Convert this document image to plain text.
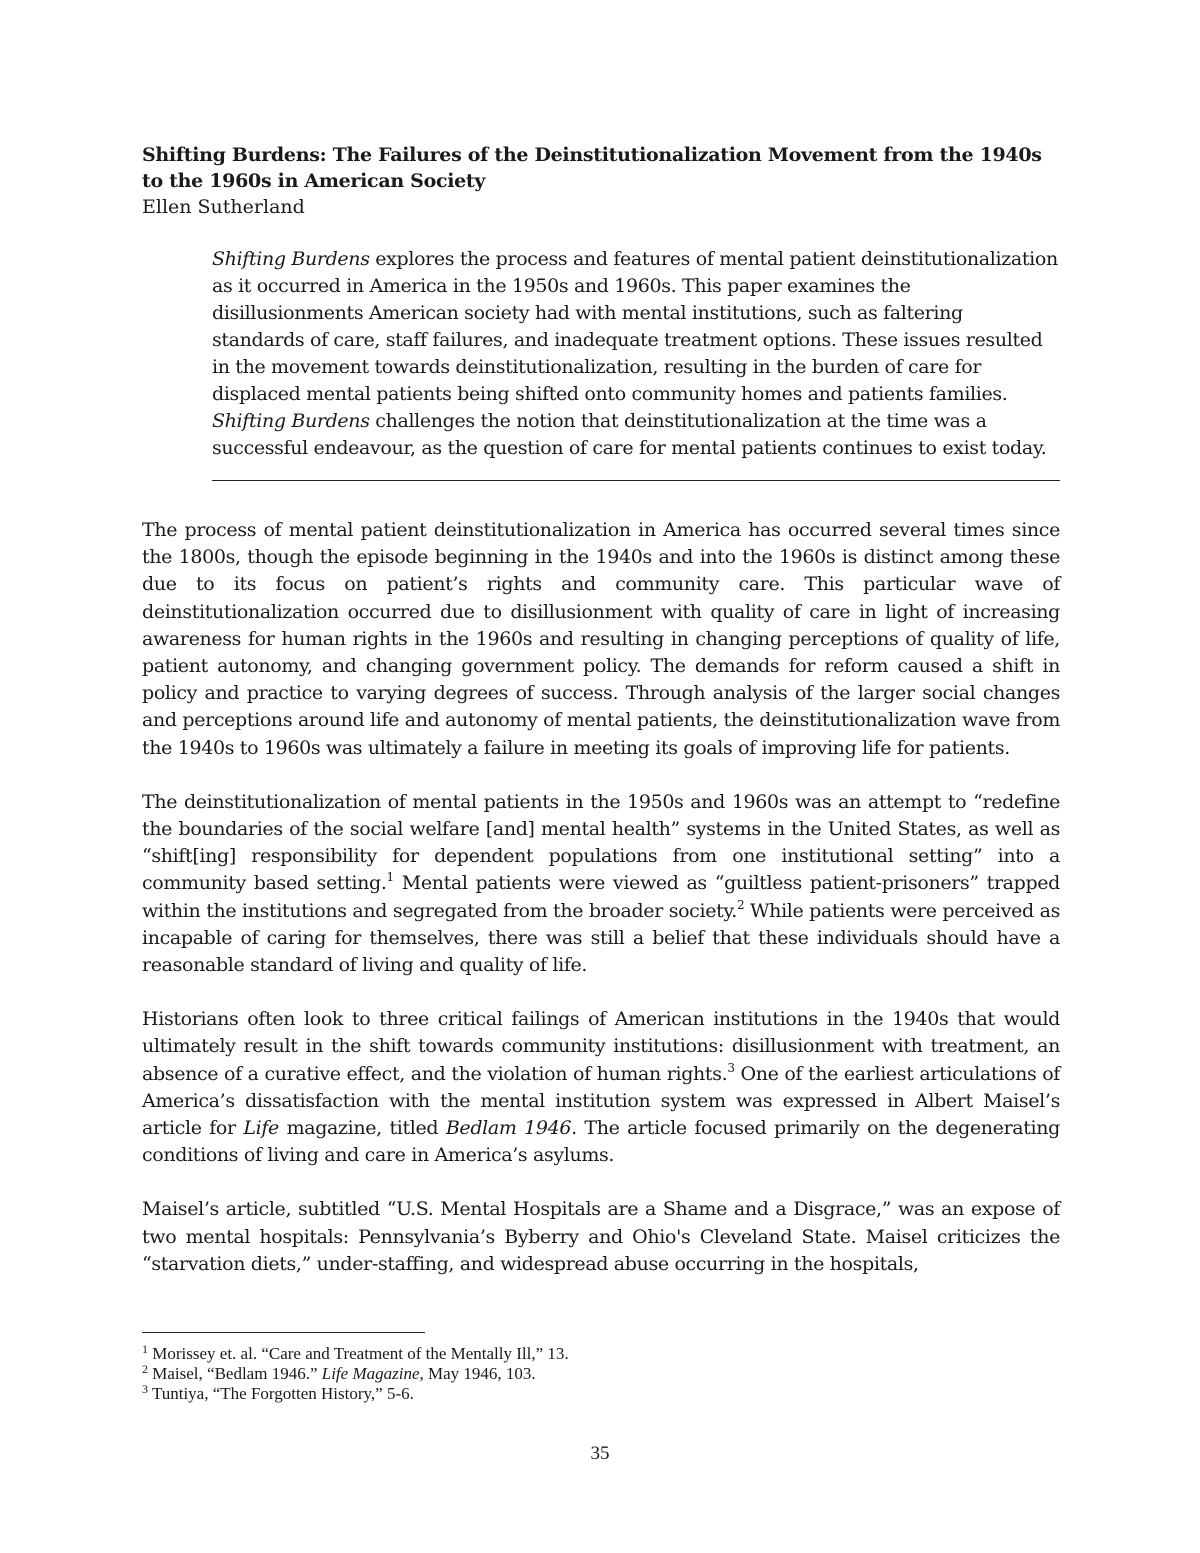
Shifting Burdens: The Failures of the Deinstitutionalization Movement from the 1940s to the 1960s in American Society
Ellen Sutherland

Shifting Burdens explores the process and features of mental patient deinstitutionalization as it occurred in America in the 1950s and 1960s. This paper examines the disillusionments American society had with mental institutions, such as faltering standards of care, staff failures, and inadequate treatment options. These issues resulted in the movement towards deinstitutionalization, resulting in the burden of care for displaced mental patients being shifted onto community homes and patients families. Shifting Burdens challenges the notion that deinstitutionalization at the time was a successful endeavour, as the question of care for mental patients continues to exist today.

The process of mental patient deinstitutionalization in America has occurred several times since the 1800s, though the episode beginning in the 1940s and into the 1960s is distinct among these due to its focus on patient’s rights and community care. This particular wave of deinstitutionalization occurred due to disillusionment with quality of care in light of increasing awareness for human rights in the 1960s and resulting in changing perceptions of quality of life, patient autonomy, and changing government policy. The demands for reform caused a shift in policy and practice to varying degrees of success. Through analysis of the larger social changes and perceptions around life and autonomy of mental patients, the deinstitutionalization wave from the 1940s to 1960s was ultimately a failure in meeting its goals of improving life for patients.

The deinstitutionalization of mental patients in the 1950s and 1960s was an attempt to “redefine the boundaries of the social welfare [and] mental health” systems in the United States, as well as “shift[ing] responsibility for dependent populations from one institutional setting” into a community based setting.$^1$ Mental patients were viewed as “guiltless patient-prisoners” trapped within the institutions and segregated from the broader society.$^2$ While patients were perceived as incapable of caring for themselves, there was still a belief that these individuals should have a reasonable standard of living and quality of life.

Historians often look to three critical failings of American institutions in the 1940s that would ultimately result in the shift towards community institutions: disillusionment with treatment, an absence of a curative effect, and the violation of human rights.$^3$ One of the earliest articulations of America’s dissatisfaction with the mental institution system was expressed in Albert Maisel’s article for Life magazine, titled Bedlam 1946. The article focused primarily on the degenerating conditions of living and care in America’s asylums.

Maisel’s article, subtitled “U.S. Mental Hospitals are a Shame and a Disgrace,” was an expose of two mental hospitals: Pennsylvania’s Byberry and Ohio's Cleveland State. Maisel criticizes the “starvation diets,” under-staffing, and widespread abuse occurring in the hospitals,

$^1$ Morissey et. al. “Care and Treatment of the Mentally Ill,” 13.
$^2$ Maisel, “Bedlam 1946.” Life Magazine, May 1946, 103.
$^3$ Tuntiya, “The Forgotten History,” 5-6.
35
